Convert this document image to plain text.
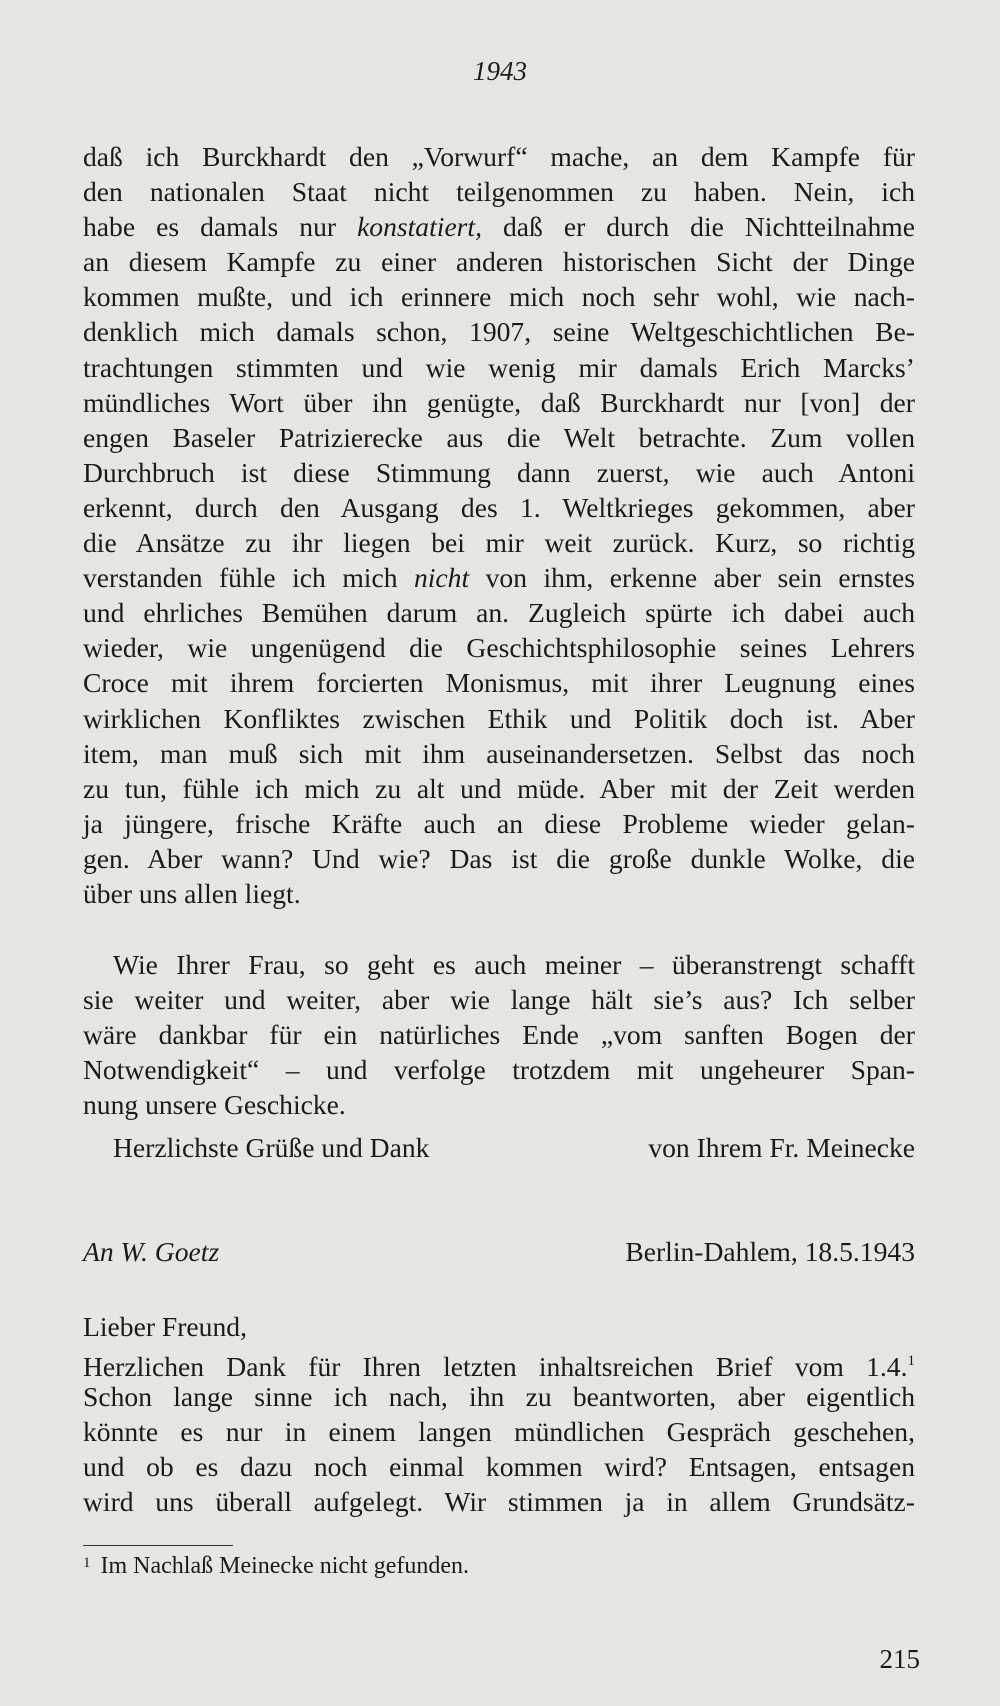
1943
daß ich Burckhardt den „Vorwurf“ mache, an dem Kampfe für
den nationalen Staat nicht teilgenommen zu haben. Nein, ich
habe es damals nur konstatiert, daß er durch die Nichtteilnahme
an diesem Kampfe zu einer anderen historischen Sicht der Dinge
kommen mußte, und ich erinnere mich noch sehr wohl, wie nach-
denklich mich damals schon, 1907, seine Weltgeschichtlichen Be-
trachtungen stimmten und wie wenig mir damals Erich Marcks’
mündliches Wort über ihn genügte, daß Burckhardt nur [von] der
engen Baseler Patrizierecke aus die Welt betrachte. Zum vollen
Durchbruch ist diese Stimmung dann zuerst, wie auch Antoni
erkennt, durch den Ausgang des 1. Weltkrieges gekommen, aber
die Ansätze zu ihr liegen bei mir weit zurück. Kurz, so richtig
verstanden fühle ich mich nicht von ihm, erkenne aber sein ernstes
und ehrliches Bemühen darum an. Zugleich spürte ich dabei auch
wieder, wie ungenügend die Geschichtsphilosophie seines Lehrers
Croce mit ihrem forcierten Monismus, mit ihrer Leugnung eines
wirklichen Konfliktes zwischen Ethik und Politik doch ist. Aber
item, man muß sich mit ihm auseinandersetzen. Selbst das noch
zu tun, fühle ich mich zu alt und müde. Aber mit der Zeit werden
ja jüngere, frische Kräfte auch an diese Probleme wieder gelan-
gen. Aber wann? Und wie? Das ist die große dunkle Wolke, die
über uns allen liegt.
Wie Ihrer Frau, so geht es auch meiner – überanstrengt schafft
sie weiter und weiter, aber wie lange hält sie’s aus? Ich selber
wäre dankbar für ein natürliches Ende „vom sanften Bogen der
Notwendigkeit“ – und verfolge trotzdem mit ungeheurer Span-
nung unsere Geschicke.
Herzlichste Grüße und Dank	von Ihrem Fr. Meinecke
An W. Goetz	Berlin-Dahlem, 18.5.1943
Lieber Freund,
Herzlichen Dank für Ihren letzten inhaltsreichen Brief vom 1.4.$^1$
Schon lange sinne ich nach, ihn zu beantworten, aber eigentlich
könnte es nur in einem langen mündlichen Gespräch geschehen,
und ob es dazu noch einmal kommen wird? Entsagen, entsagen
wird uns überall aufgelegt. Wir stimmen ja in allem Grundsätz-
$^1$ Im Nachlaß Meinecke nicht gefunden.
215
